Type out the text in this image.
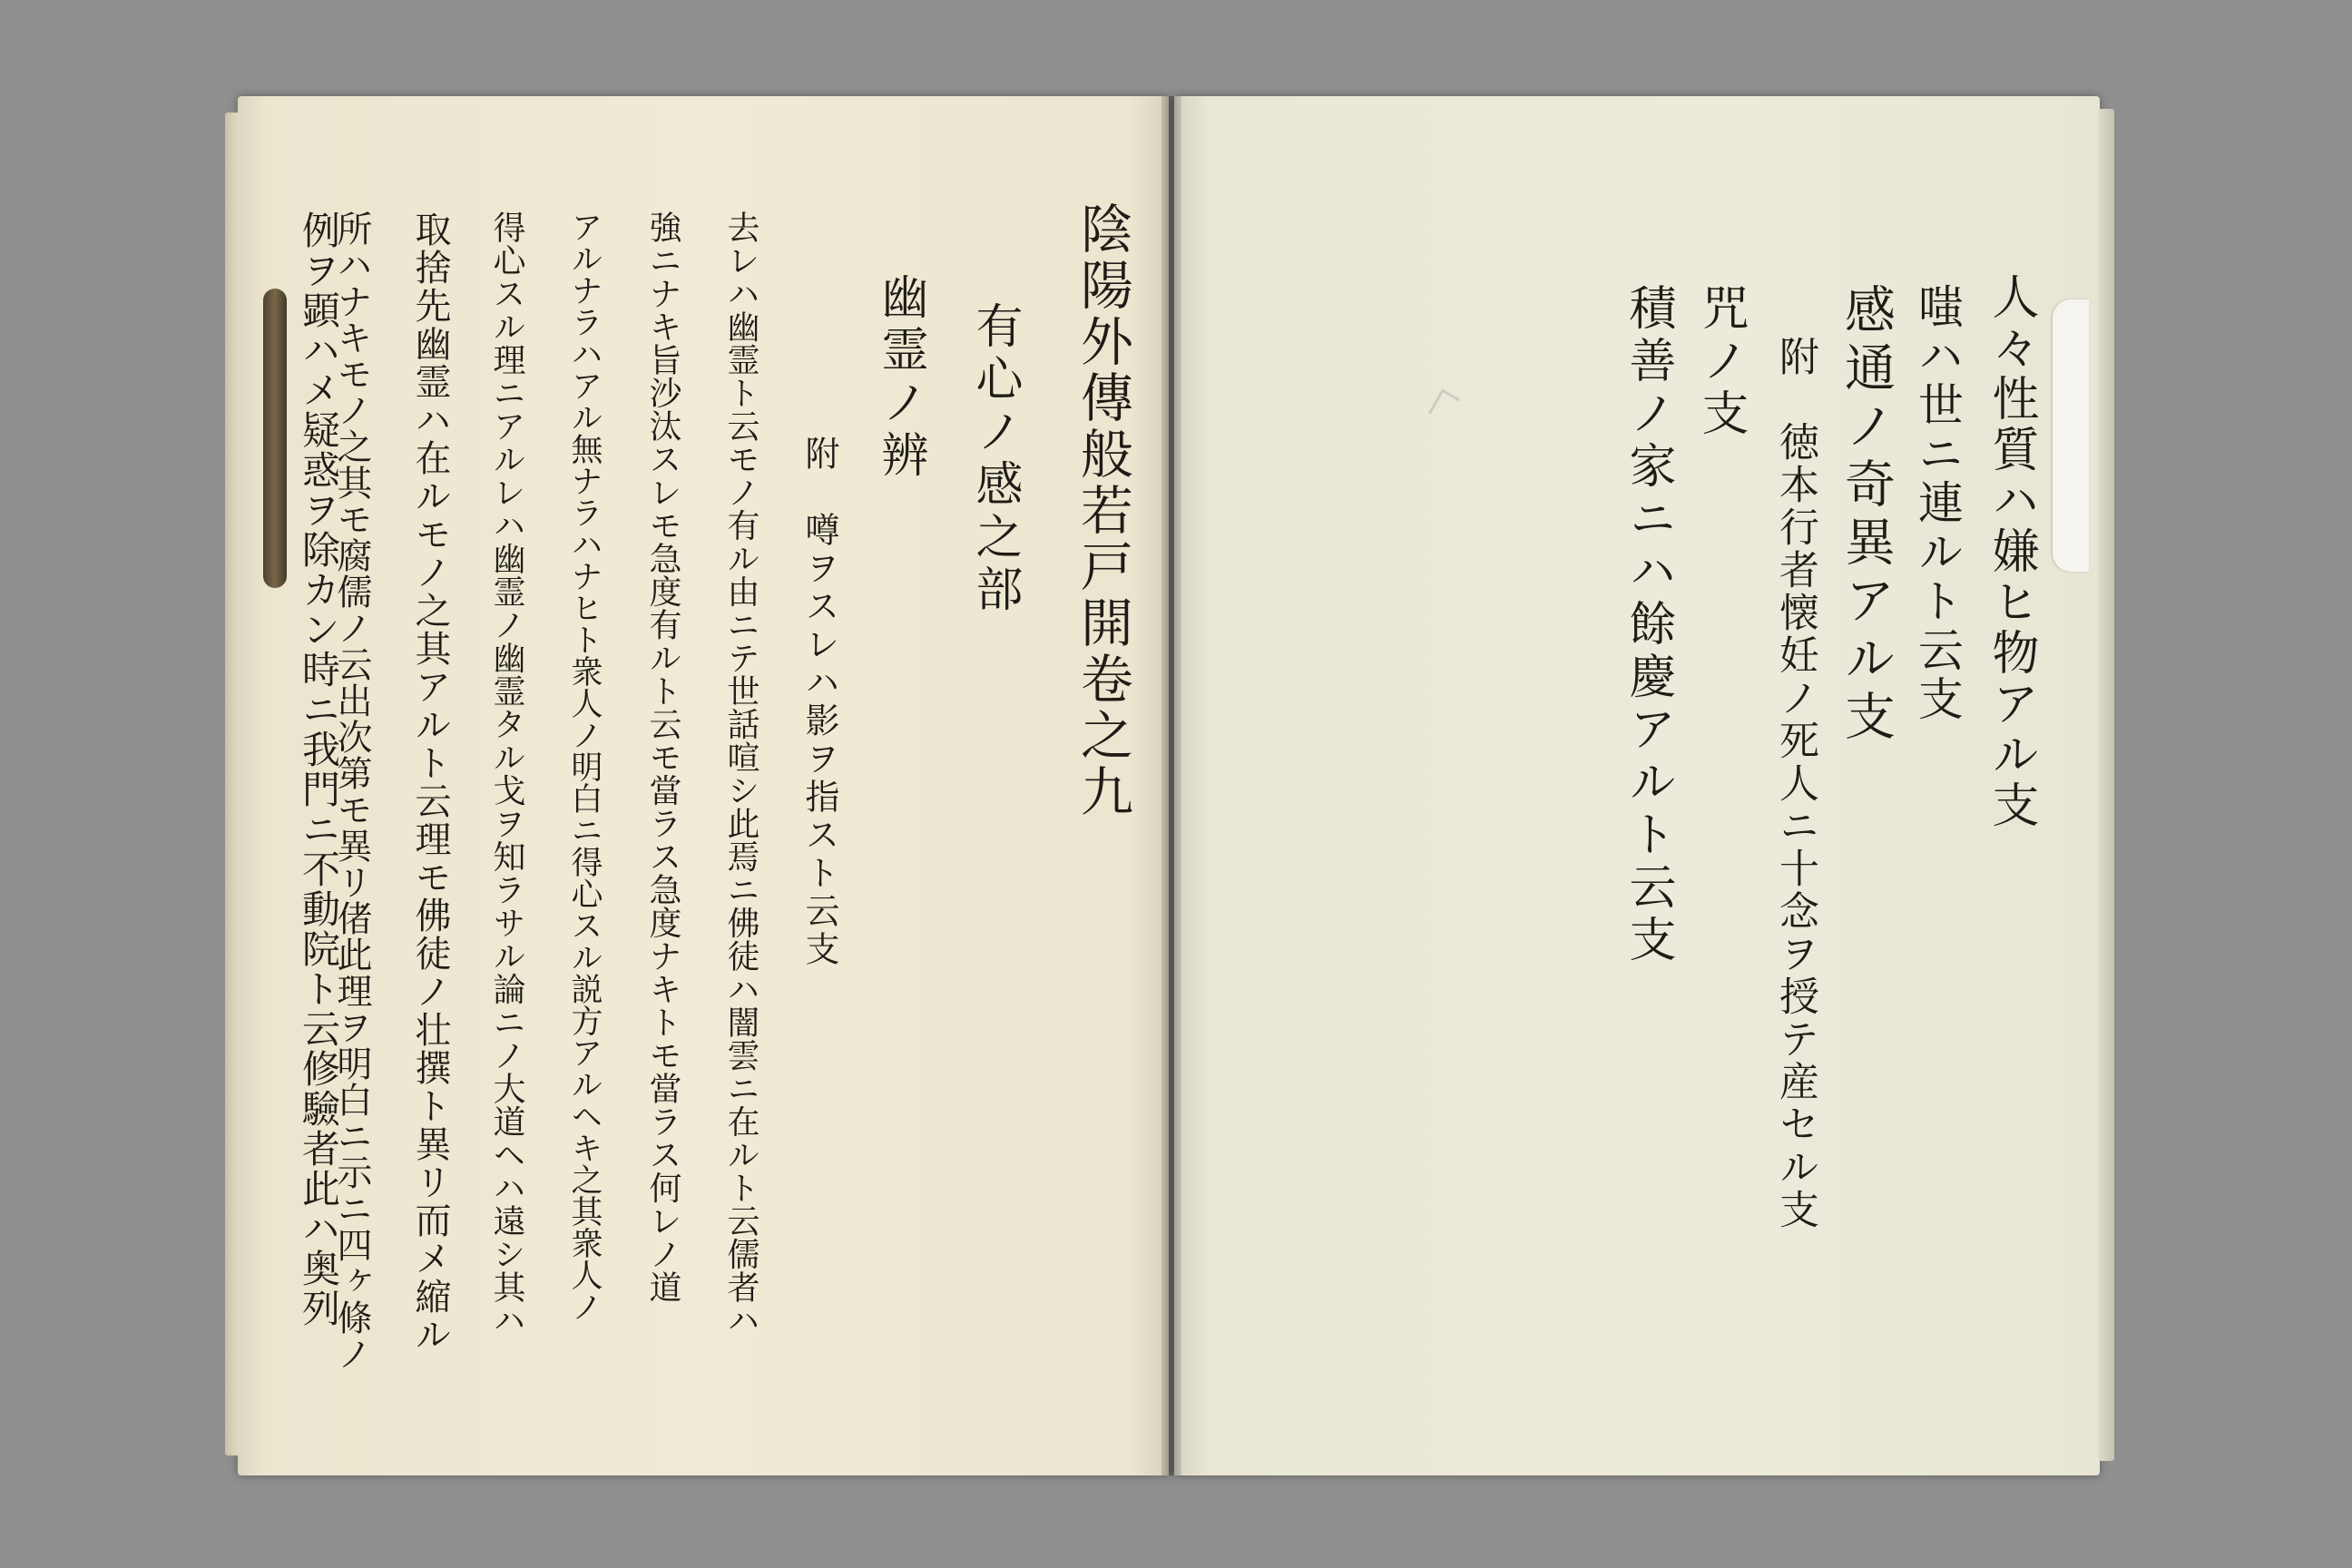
陰陽外傳般若戸開卷之九
有心ノ感之部
幽霊ノ辨
附　噂ヲスレハ影ヲ指スト云支
去レハ幽霊ト云モノ有ル由ニテ世話喧シ此焉ニ佛徒ハ闇雲ニ在ルト云儒者ハ
強ニナキ旨沙汰スレモ急度有ルト云モ當ラス急度ナキトモ當ラス何レノ道
アルナラハアル無ナラハナヒト衆人ノ明白ニ得心スル説方アルヘキ之其衆人ノ
得心スル理ニアルレハ幽霊ノ幽霊タル戈ヲ知ラサル論ニノ大道ヘハ遠シ其ハ
取捨先幽霊ハ在ルモノ之其アルト云理モ佛徒ノ壮撰ト異リ而メ縮ル
所ハナキモノ之其モ腐儒ノ云出次第モ異リ偖此理ヲ明白ニ示ニ四ヶ條ノ
例ヲ顕ハメ疑惑ヲ除カン時ニ我門ニ不動院ト云修驗者此ハ奥列	人々性質ハ嫌ヒ物アル支
嗤ハ世ニ連ルト云支
感通ノ奇異アル支
附　徳本行者懐妊ノ死人ニ十念ヲ授テ産セル支
咒ノ支
積善ノ家ニハ餘慶アルト云支
